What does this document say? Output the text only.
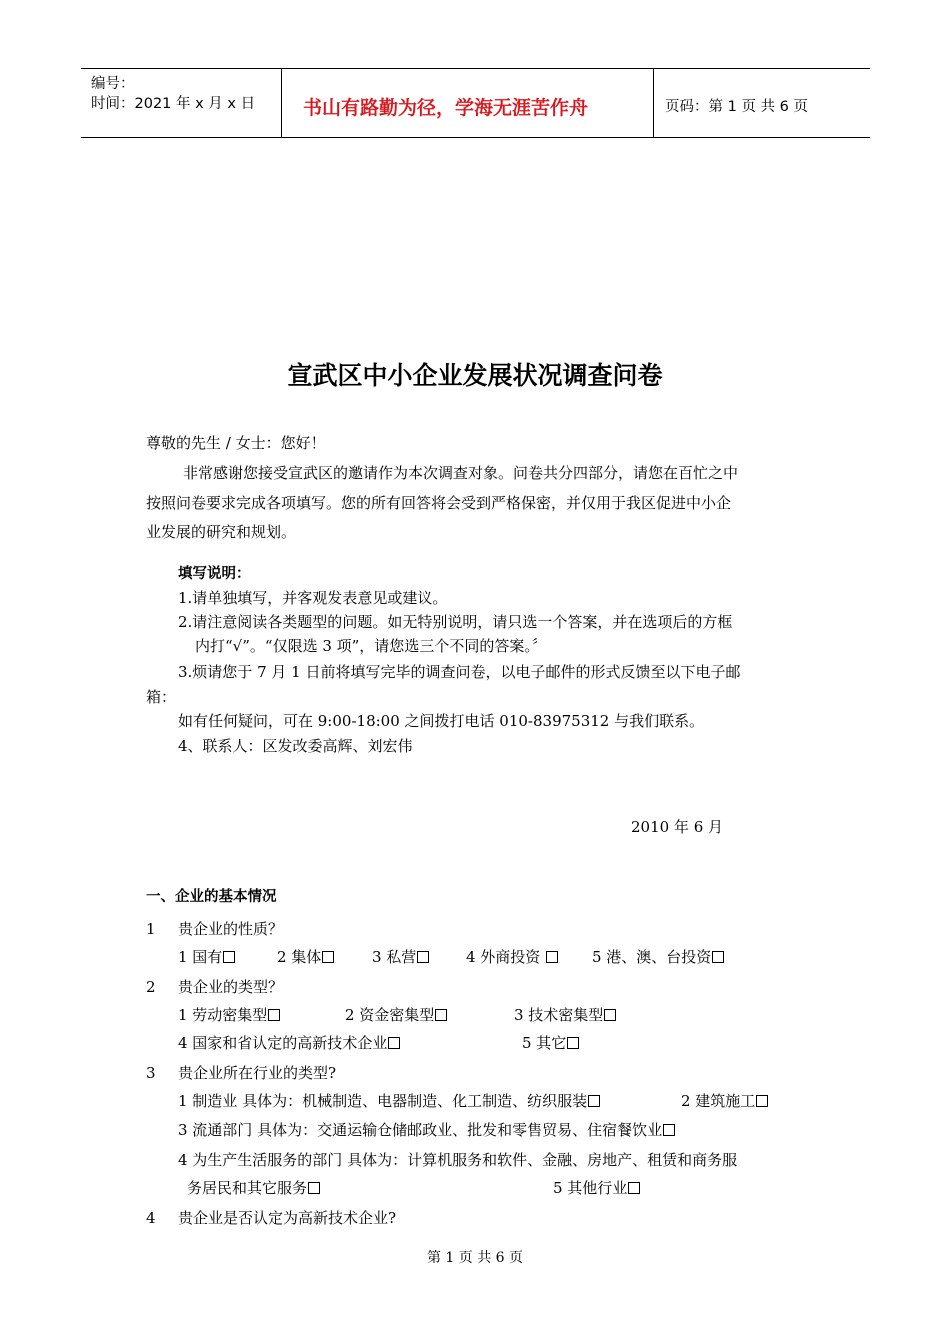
编号：
时间：2021 年 x 月 x 日	书山有路勤为径，学海无涯苦作舟	页码：第 1 页 共 6 页
宣武区中小企业发展状况调查问卷
尊敬的先生 / 女士：您好！
非常感谢您接受宣武区的邀请作为本次调查对象。问卷共分四部分，请您在百忙之中
按照问卷要求完成各项填写。您的所有回答将会受到严格保密，并仅用于我区促进中小企
业发展的研究和规划。
填写说明：
1.请单独填写，并客观发表意见或建议。
2.请注意阅读各类题型的问题。如无特别说明，请只选一个答案，并在选项后的方框
内打“√”。“仅限选 3 项”，请您选三个不同的答案。〞
3.烦请您于 7 月 1 日前将填写完毕的调查问卷，以电子邮件的形式反馈至以下电子邮
箱：
如有任何疑问，可在 9:00-18:00 之间拨打电话 010-83975312 与我们联系。
4、联系人：区发改委高辉、刘宏伟
2010 年 6 月
一、企业的基本情况
1 贵企业的性质？
1 国有	2 集体	3 私营	4 外商投资	5 港、澳、台投资
2 贵企业的类型？
1 劳动密集型	2 资金密集型	3 技术密集型
4 国家和省认定的高新技术企业	5 其它
3 贵企业所在行业的类型?
1 制造业 具体为：机械制造、电器制造、化工制造、纺织服装	2 建筑施工
3 流通部门 具体为：交通运输仓储邮政业、批发和零售贸易、住宿餐饮业
4 为生产生活服务的部门 具体为：计算机服务和软件、金融、房地产、租赁和商务服
务居民和其它服务	5 其他行业
4 贵企业是否认定为高新技术企业?
第 1 页 共 6 页
